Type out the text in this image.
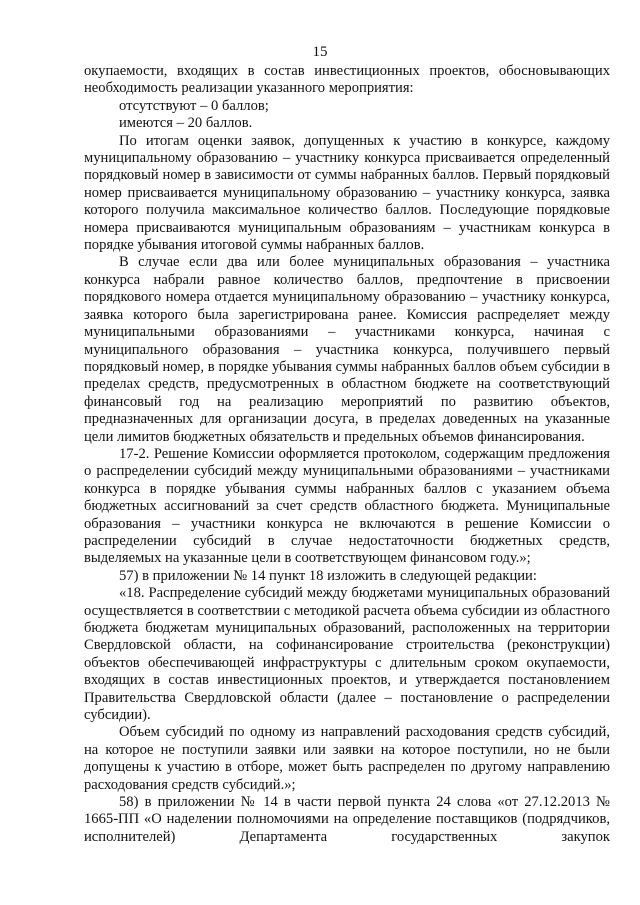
15

окупаемости, входящих в состав инвестиционных проектов, обосновывающих необходимость реализации указанного мероприятия:

отсутствуют – 0 баллов;

имеются – 20 баллов.

По итогам оценки заявок, допущенных к участию в конкурсе, каждому муниципальному образованию – участнику конкурса присваивается определенный порядковый номер в зависимости от суммы набранных баллов. Первый порядковый номер присваивается муниципальному образованию – участнику конкурса, заявка которого получила максимальное количество баллов. Последующие порядковые номера присваиваются муниципальным образованиям – участникам конкурса в порядке убывания итоговой суммы набранных баллов.

В случае если два или более муниципальных образования – участника конкурса набрали равное количество баллов, предпочтение в присвоении порядкового номера отдается муниципальному образованию – участнику конкурса, заявка которого была зарегистрирована ранее. Комиссия распределяет между муниципальными образованиями – участниками конкурса, начиная с муниципального образования – участника конкурса, получившего первый порядковый номер, в порядке убывания суммы набранных баллов объем субсидии в пределах средств, предусмотренных в областном бюджете на соответствующий финансовый год на реализацию мероприятий по развитию объектов, предназначенных для организации досуга, в пределах доведенных на указанные цели лимитов бюджетных обязательств и предельных объемов финансирования.

17-2. Решение Комиссии оформляется протоколом, содержащим предложения о распределении субсидий между муниципальными образованиями – участниками конкурса в порядке убывания суммы набранных баллов с указанием объема бюджетных ассигнований за счет средств областного бюджета. Муниципальные образования – участники конкурса не включаются в решение Комиссии о распределении субсидий в случае недостаточности бюджетных средств, выделяемых на указанные цели в соответствующем финансовом году.»;

57) в приложении № 14 пункт 18 изложить в следующей редакции:

«18. Распределение субсидий между бюджетами муниципальных образований осуществляется в соответствии с методикой расчета объема субсидии из областного бюджета бюджетам муниципальных образований, расположенных на территории Свердловской области, на софинансирование строительства (реконструкции) объектов обеспечивающей инфраструктуры с длительным сроком окупаемости, входящих в состав инвестиционных проектов, и утверждается постановлением Правительства Свердловской области (далее – постановление о распределении субсидии).

Объем субсидий по одному из направлений расходования средств субсидий, на которое не поступили заявки или заявки на которое поступили, но не были допущены к участию в отборе, может быть распределен по другому направлению расходования средств субсидий.»;

58) в приложении № 14 в части первой пункта 24 слова «от 27.12.2013 № 1665-ПП «О наделении полномочиями на определение поставщиков (подрядчиков, исполнителей) Департамента государственных закупок
